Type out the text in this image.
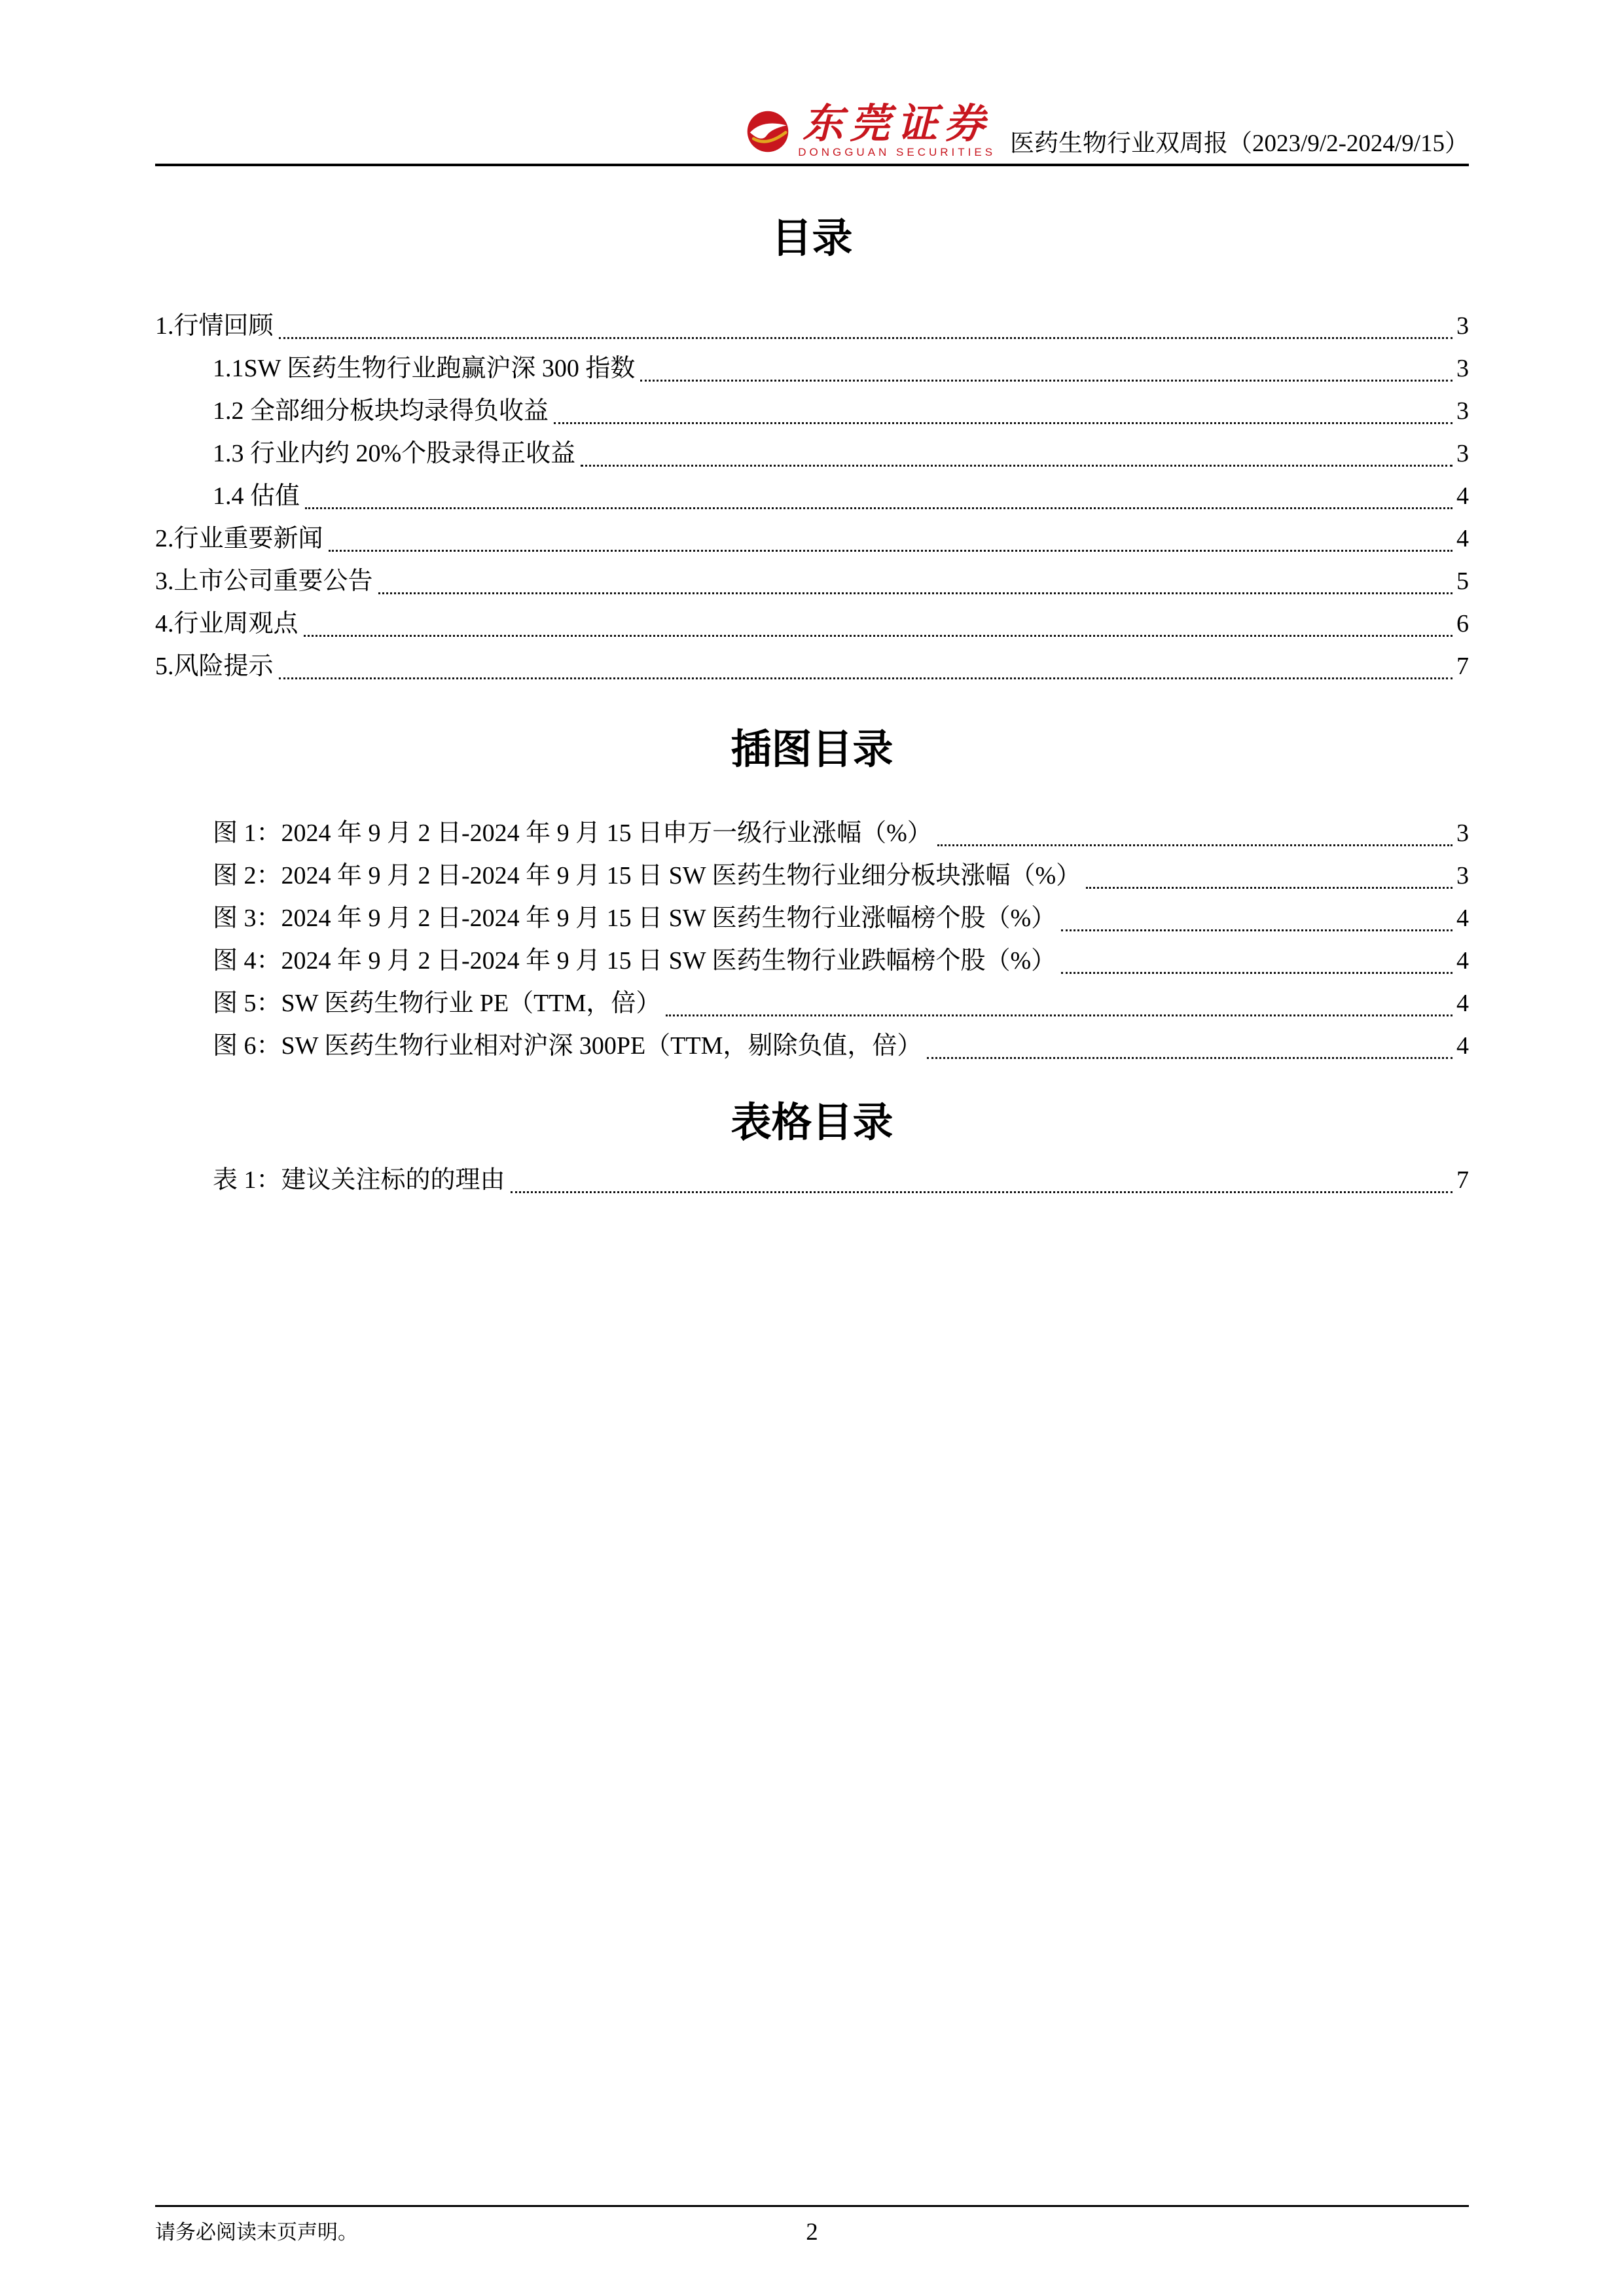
东莞证券
DONGGUAN SECURITIES 医药生物行业双周报（2023/9/2-2024/9/15）
目录
1.行情回顾	3
1.1SW 医药生物行业跑赢沪深 300 指数	3
1.2 全部细分板块均录得负收益	3
1.3 行业内约 20%个股录得正收益	3
1.4 估值	4
2.行业重要新闻	4
3.上市公司重要公告	5
4.行业周观点	6
5.风险提示	7
插图目录
图 1：2024 年 9 月 2 日-2024 年 9 月 15 日申万一级行业涨幅（%）	3
图 2：2024 年 9 月 2 日-2024 年 9 月 15 日 SW 医药生物行业细分板块涨幅（%）	3
图 3：2024 年 9 月 2 日-2024 年 9 月 15 日 SW 医药生物行业涨幅榜个股（%）	4
图 4：2024 年 9 月 2 日-2024 年 9 月 15 日 SW 医药生物行业跌幅榜个股（%）	4
图 5：SW 医药生物行业 PE（TTM，倍）	4
图 6：SW 医药生物行业相对沪深 300PE（TTM，剔除负值，倍）	4
表格目录
表 1：建议关注标的的理由	7
请务必阅读末页声明。	2
